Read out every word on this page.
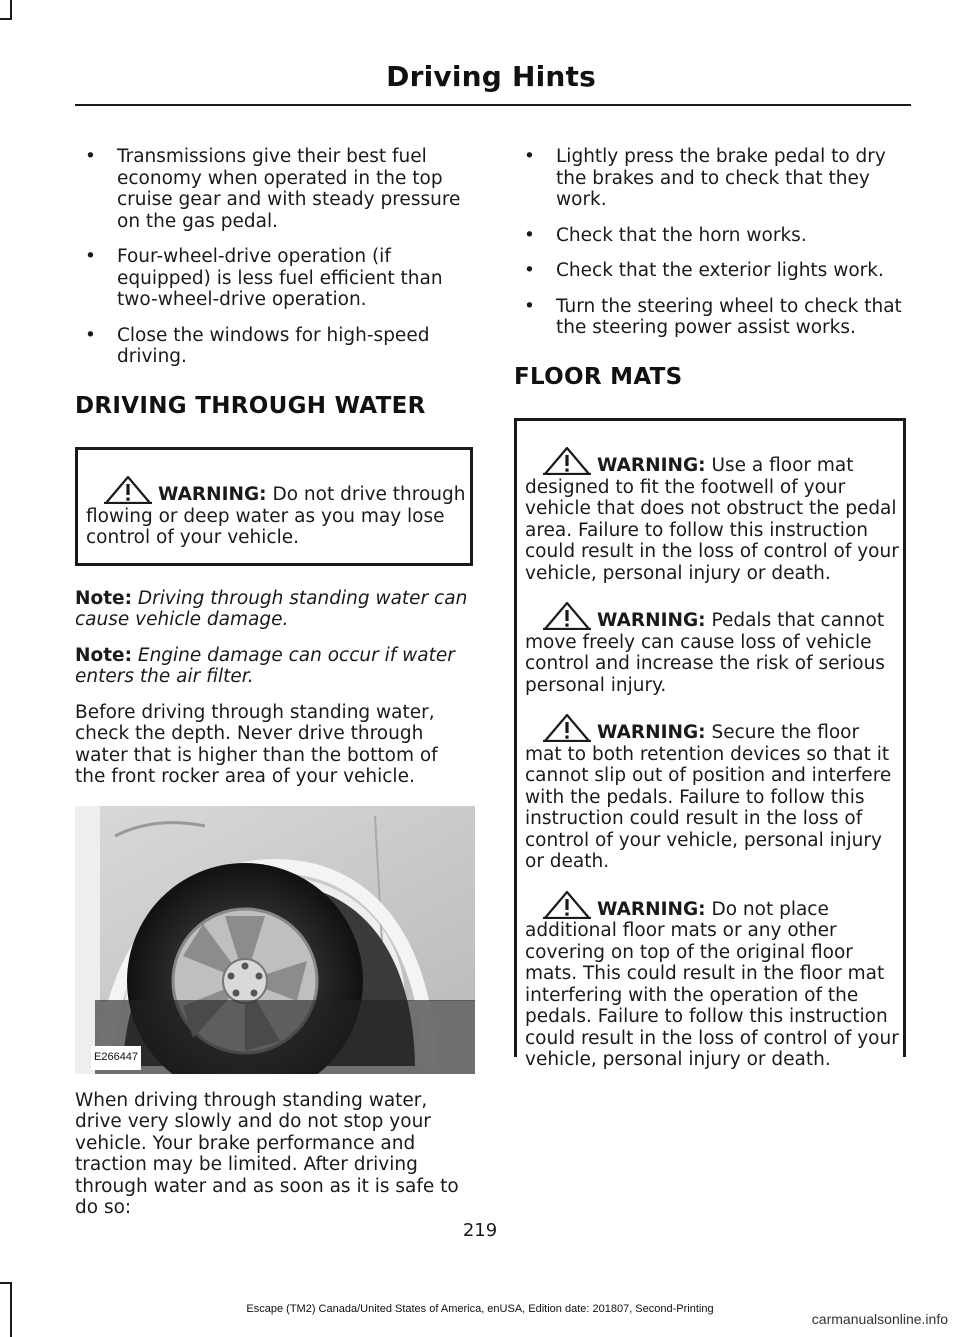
Driving Hints
• Transmissions give their best fuel economy when operated in the top cruise gear and with steady pressure on the gas pedal.
• Four-wheel-drive operation (if equipped) is less fuel efficient than two-wheel-drive operation.
• Close the windows for high-speed driving.
DRIVING THROUGH WATER
WARNING: Do not drive through flowing or deep water as you may lose control of your vehicle.

Note: Driving through standing water can cause vehicle damage.

Note: Engine damage can occur if water enters the air filter.

Before driving through standing water, check the depth. Never drive through water that is higher than the bottom of the front rocker area of your vehicle.

E266447

When driving through standing water, drive very slowly and do not stop your vehicle. Your brake performance and traction may be limited. After driving through water and as soon as it is safe to do so:

• Lightly press the brake pedal to dry the brakes and to check that they work.
• Check that the horn works.
• Check that the exterior lights work.
• Turn the steering wheel to check that the steering power assist works.
FLOOR MATS
WARNING: Use a floor mat designed to fit the footwell of your vehicle that does not obstruct the pedal area. Failure to follow this instruction could result in the loss of control of your vehicle, personal injury or death.
WARNING: Pedals that cannot move freely can cause loss of vehicle control and increase the risk of serious personal injury.
WARNING: Secure the floor mat to both retention devices so that it cannot slip out of position and interfere with the pedals. Failure to follow this instruction could result in the loss of control of your vehicle, personal injury or death.
WARNING: Do not place additional floor mats or any other covering on top of the original floor mats. This could result in the floor mat interfering with the operation of the pedals. Failure to follow this instruction could result in the loss of control of your vehicle, personal injury or death.
219
Escape (TM2) Canada/United States of America, enUSA, Edition date: 201807, Second-Printing
carmanualsonline.info
